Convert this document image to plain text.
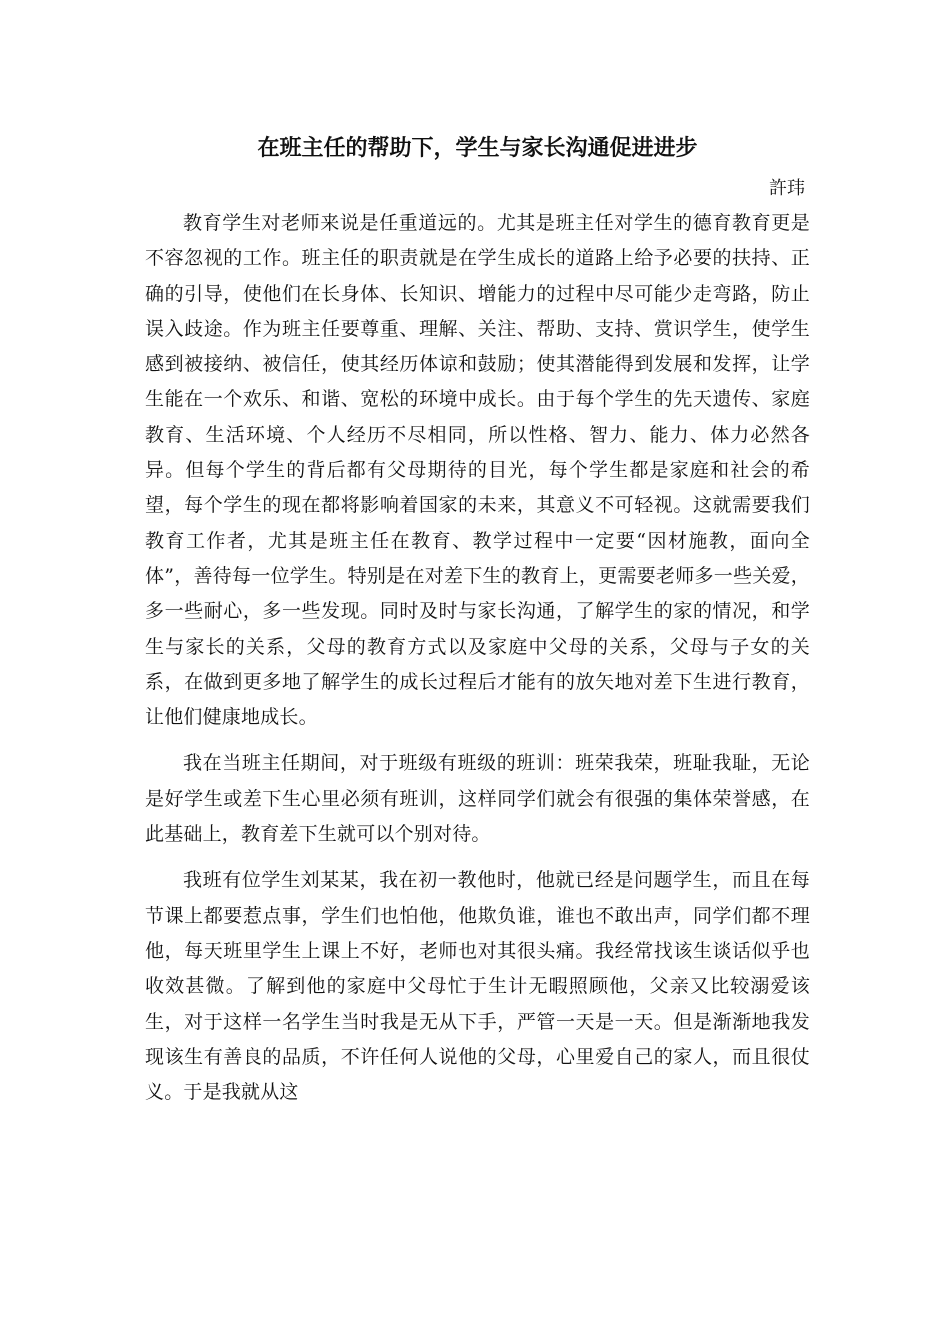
在班主任的帮助下，学生与家长沟通促进进步
許玮

教育学生对老师来说是任重道远的。尤其是班主任对学生的德育教育更是不容忽视的工作。班主任的职责就是在学生成长的道路上给予必要的扶持、正确的引导，使他们在长身体、长知识、增能力的过程中尽可能少走弯路，防止误入歧途。作为班主任要尊重、理解、关注、帮助、支持、赏识学生，使学生感到被接纳、被信任，使其经历体谅和鼓励；使其潜能得到发展和发挥，让学生能在一个欢乐、和谐、宽松的环境中成长。由于每个学生的先天遗传、家庭教育、生活环境、个人经历不尽相同，所以性格、智力、能力、体力必然各异。但每个学生的背后都有父母期待的目光，每个学生都是家庭和社会的希望，每个学生的现在都将影响着国家的未来，其意义不可轻视。这就需要我们教育工作者，尤其是班主任在教育、教学过程中一定要“因材施教，面向全体”，善待每一位学生。特别是在对差下生的教育上，更需要老师多一些关爱，多一些耐心，多一些发现。同时及时与家长沟通，了解学生的家的情况，和学生与家长的关系，父母的教育方式以及家庭中父母的关系，父母与子女的关系，在做到更多地了解学生的成长过程后才能有的放矢地对差下生进行教育，让他们健康地成长。

我在当班主任期间，对于班级有班级的班训：班荣我荣，班耻我耻，无论是好学生或差下生心里必须有班训，这样同学们就会有很强的集体荣誉感，在此基础上，教育差下生就可以个别对待。

我班有位学生刘某某，我在初一教他时，他就已经是问题学生，而且在每节课上都要惹点事，学生们也怕他，他欺负谁，谁也不敢出声，同学们都不理他，每天班里学生上课上不好，老师也对其很头痛。我经常找该生谈话似乎也收效甚微。了解到他的家庭中父母忙于生计无暇照顾他，父亲又比较溺爱该生，对于这样一名学生当时我是无从下手，严管一天是一天。但是渐渐地我发现该生有善良的品质，不许任何人说他的父母，心里爱自己的家人，而且很仗义。于是我就从这
